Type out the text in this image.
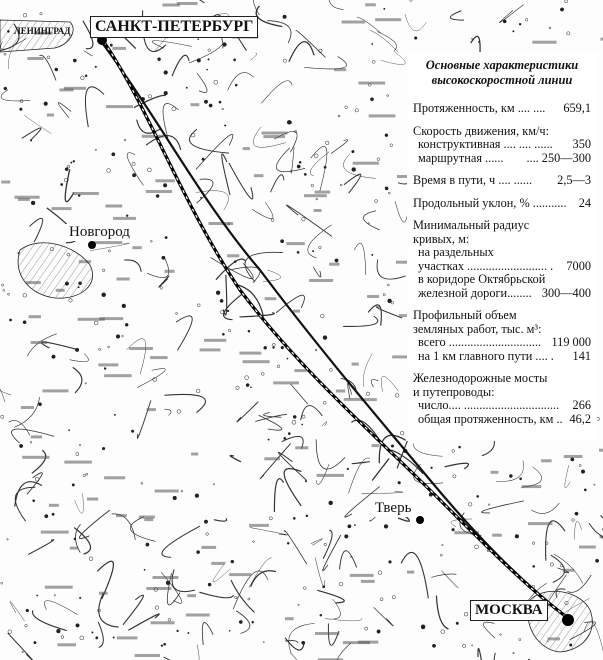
САНКТ-ПЕТЕРБУРГ
Новгород
Тверь
МОСКВА
ЛЕНИНГРАД
Основные характеристики
высокоскоростной линии
Протяженность, км .... .... 659,1
Скорость движения, км/ч:
конструктивная .... .... ...... 350
маршрутная ...... .... 250—300
Время в пути, ч .... ...... 2,5—3
Продольный уклон, % ........... 24
Минимальный радиус
кривых, м:
на раздельных
участках .......................... . 7000
в коридоре Октябрьской
железной дороги........ 300—400
Профильный объем
земляных работ, тыс. м³:
всего .............................. 119 000
на 1 км главного пути .... . 141
Железнодорожные мосты
и путепроводы:
число.... ............................... 266
общая протяженность, км .. 46,2
